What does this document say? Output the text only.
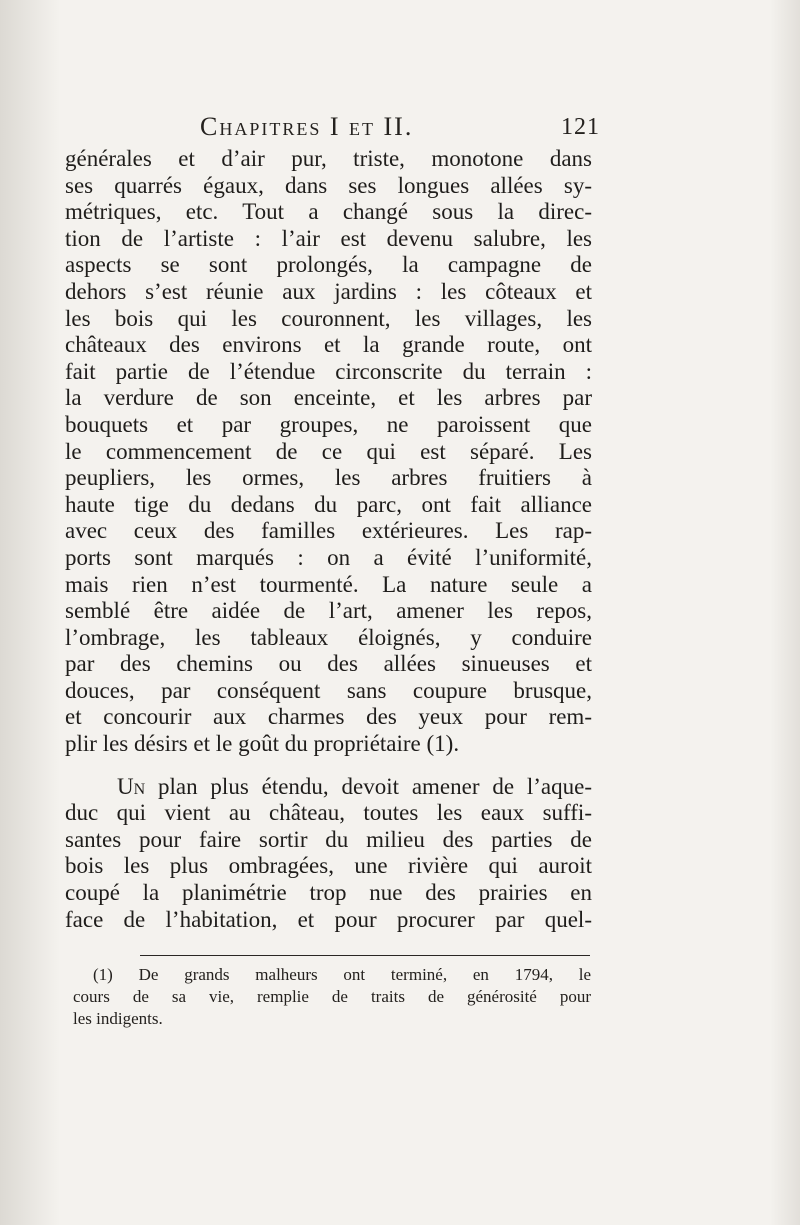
Chapitres I et II.	121
générales et d’air pur, triste, monotone dans
ses quarrés égaux, dans ses longues allées sy-
métriques, etc. Tout a changé sous la direc-
tion de l’artiste : l’air est devenu salubre, les
aspects se sont prolongés, la campagne de
dehors s’est réunie aux jardins : les côteaux et
les bois qui les couronnent, les villages, les
châteaux des environs et la grande route, ont
fait partie de l’étendue circonscrite du terrain :
la verdure de son enceinte, et les arbres par
bouquets et par groupes, ne paroissent que
le commencement de ce qui est séparé. Les
peupliers, les ormes, les arbres fruitiers à
haute tige du dedans du parc, ont fait alliance
avec ceux des familles extérieures. Les rap-
ports sont marqués : on a évité l’uniformité,
mais rien n’est tourmenté. La nature seule a
semblé être aidée de l’art, amener les repos,
l’ombrage, les tableaux éloignés, y conduire
par des chemins ou des allées sinueuses et
douces, par conséquent sans coupure brusque,
et concourir aux charmes des yeux pour rem-
plir les désirs et le goût du propriétaire (1).
Un plan plus étendu, devoit amener de l’aque-
duc qui vient au château, toutes les eaux suffi-
santes pour faire sortir du milieu des parties de
bois les plus ombragées, une rivière qui auroit
coupé la planimétrie trop nue des prairies en
face de l’habitation, et pour procurer par quel-
(1) De grands malheurs ont terminé, en 1794, le
cours de sa vie, remplie de traits de générosité pour
les indigents.
